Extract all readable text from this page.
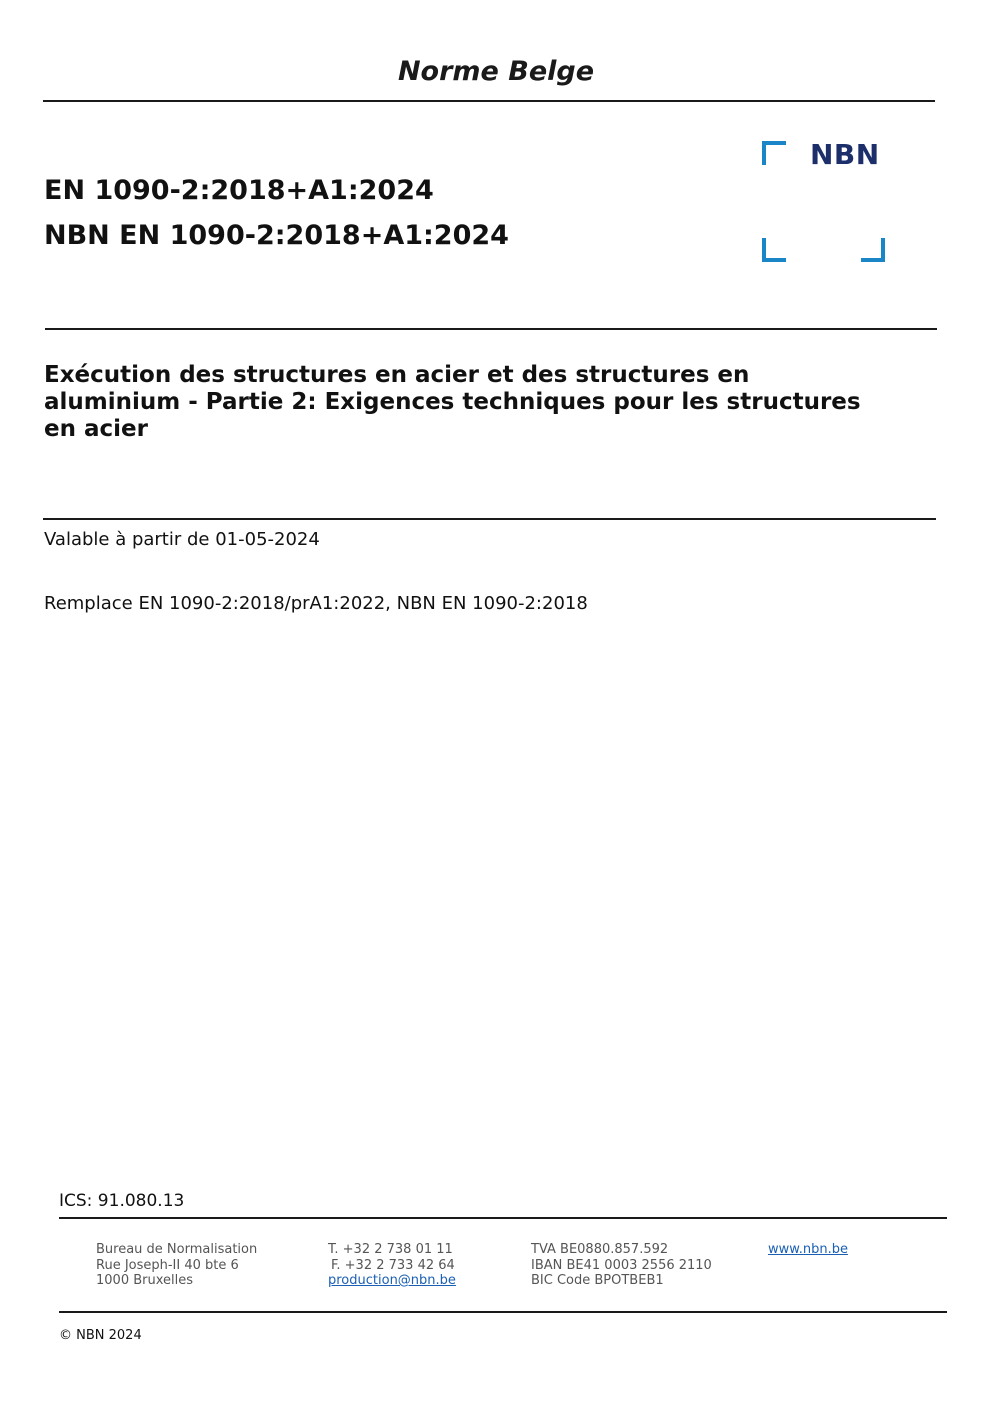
Norme Belge
EN 1090-2:2018+A1:2024
NBN EN 1090-2:2018+A1:2024
NBN
Exécution des structures en acier et des structures en
aluminium - Partie 2: Exigences techniques pour les structures
en acier
Valable à partir de 01-05-2024
Remplace EN 1090-2:2018/prA1:2022, NBN EN 1090-2:2018
ICS: 91.080.13
Bureau de Normalisation
Rue Joseph-II 40 bte 6
1000 Bruxelles
T. +32 2 738 01 11
F. +32 2 733 42 64
production@nbn.be
TVA BE0880.857.592
IBAN BE41 0003 2556 2110
BIC Code BPOTBEB1
www.nbn.be
© NBN 2024
